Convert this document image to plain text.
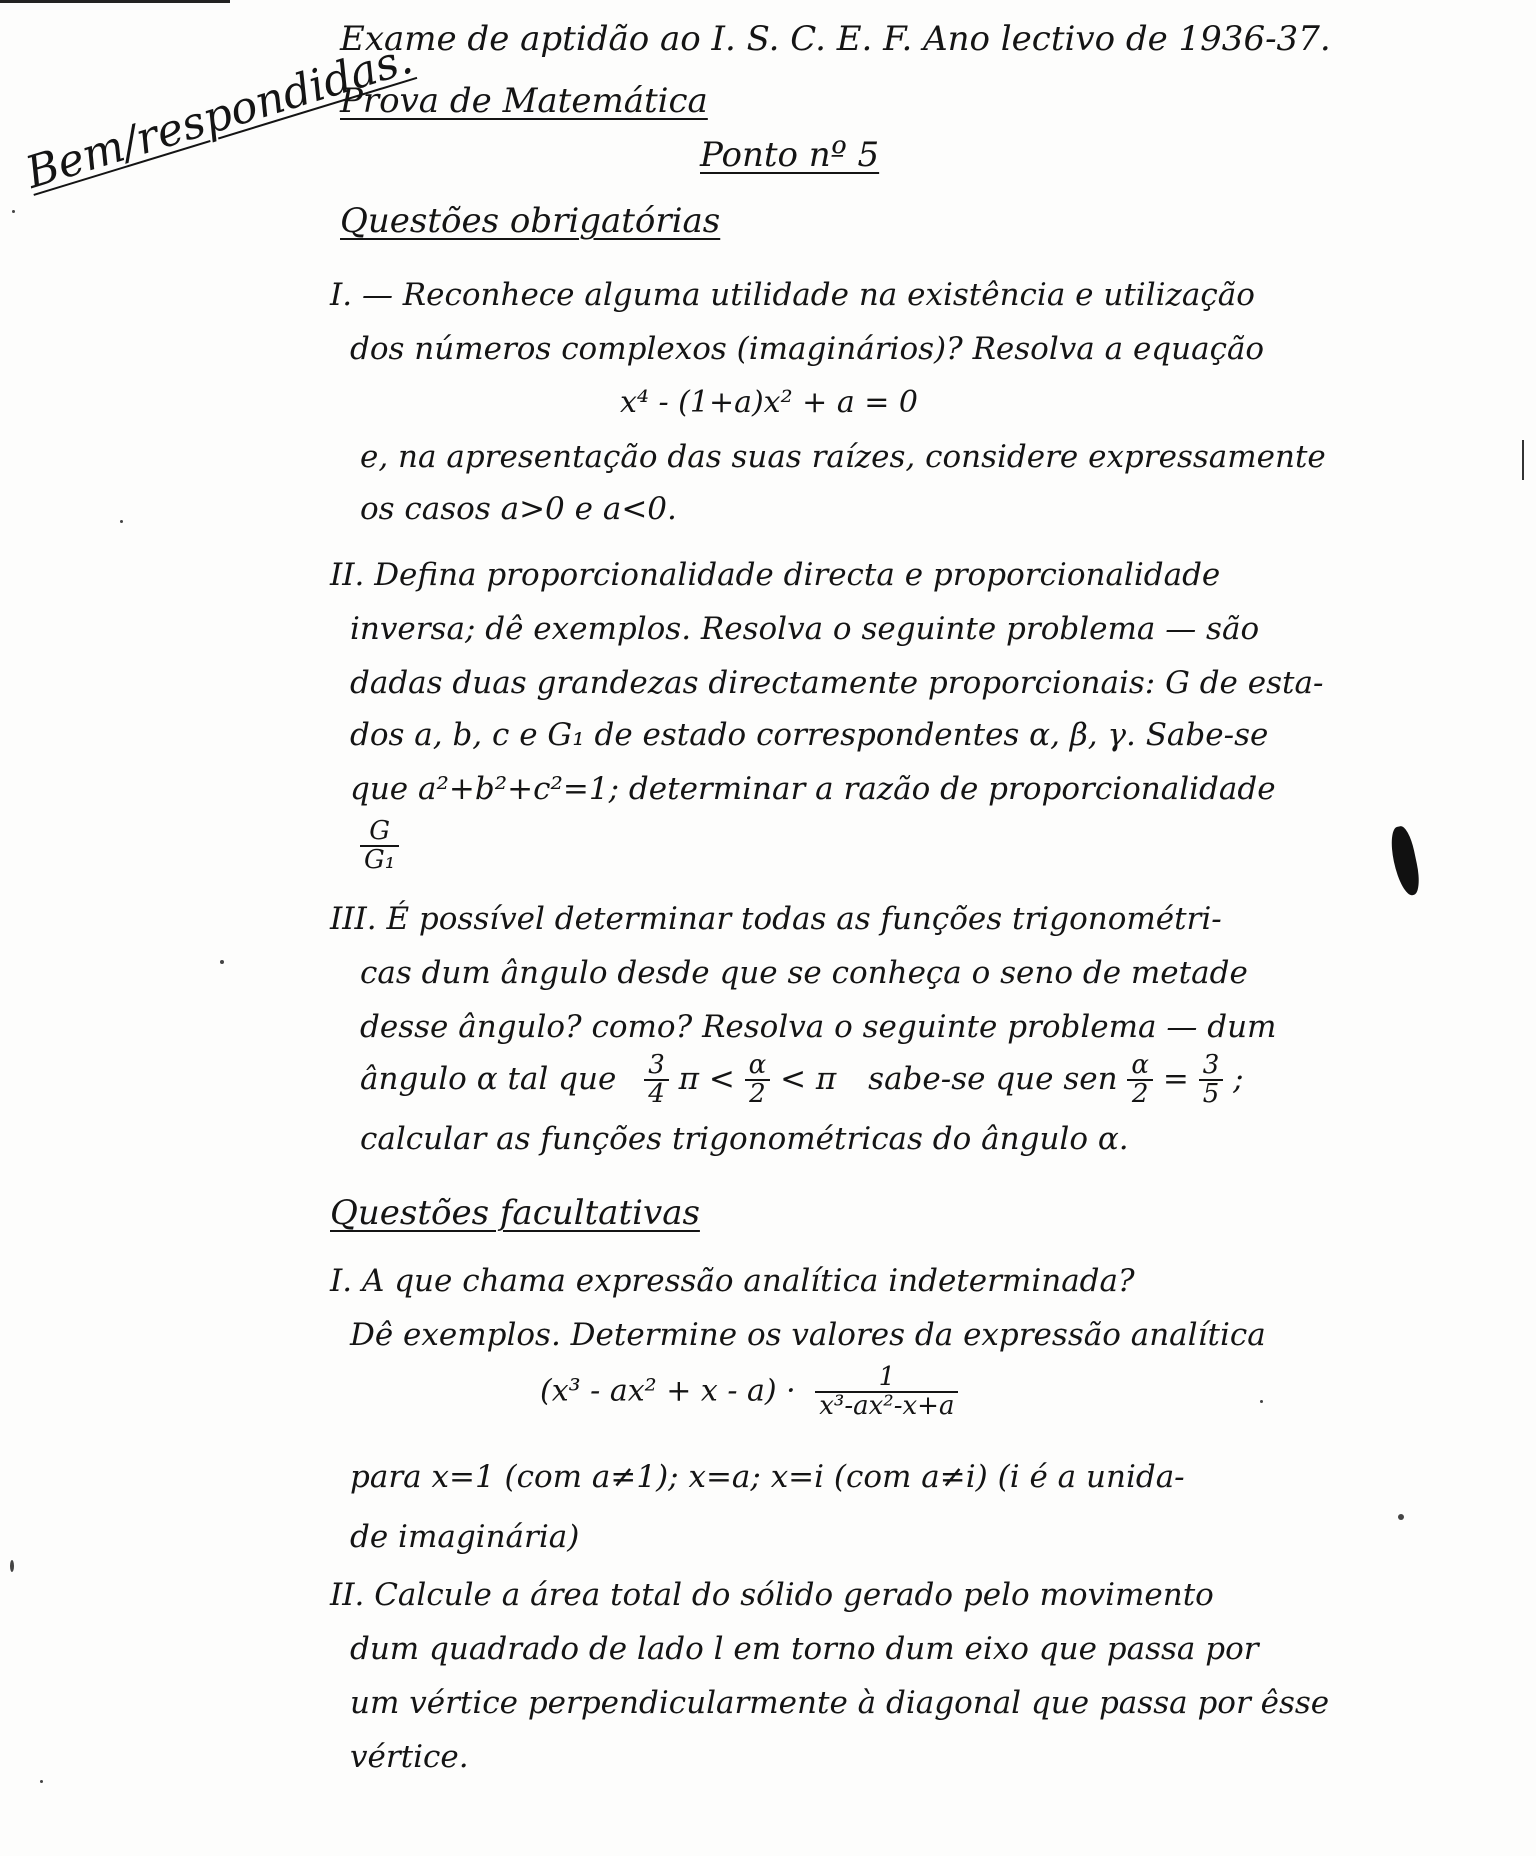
Exame de aptidão ao I. S. C. E. F. Ano lectivo de 1936-37.
Prova de Matemática
Ponto nº 5
Bem/respondidas.
Questões obrigatórias
I. — Reconhece alguma utilidade na existência e utilização
dos números complexos (imaginários)? Resolva a equação
x⁴ - (1+a)x² + a = 0
e, na apresentação das suas raízes, considere expressamente
os casos a>0 e a<0.
II. Defina proporcionalidade directa e proporcionalidade
inversa; dê exemplos. Resolva o seguinte problema — são
dadas duas grandezas directamente proporcionais: G de esta-
dos a, b, c e G₁ de estado correspondentes α, β, γ. Sabe-se
que a²+b²+c²=1; determinar a razão de proporcionalidade
$\frac{G}{\text{G₁}}$
III. É possível determinar todas as funções trigonométri-
cas dum ângulo desde que se conheça o seno de metade
desse ângulo? como? Resolva o seguinte problema — dum
ângulo α tal que $\frac{3}{4}$ $\pi < \frac{\alpha}{2} < \pi$ sabe-se que sen $\frac{\alpha}{2} = \frac{3}{5}$ ;
calcular as funções trigonométricas do ângulo α.
Questões facultativas
I. A que chama expressão analítica indeterminada?
Dê exemplos. Determine os valores da expressão analítica
$(x^3 - ax^2 + x - a) \cdot \frac{1}{\text{x³-ax²-x+a}}$
para x=1 (com a≠1); x=a; x=i (com a≠i) (i é a unida-
de imaginária)
II. Calcule a área total do sólido gerado pelo movimento
dum quadrado de lado l em torno dum eixo que passa por
um vértice perpendicularmente à diagonal que passa por êsse
vértice.
